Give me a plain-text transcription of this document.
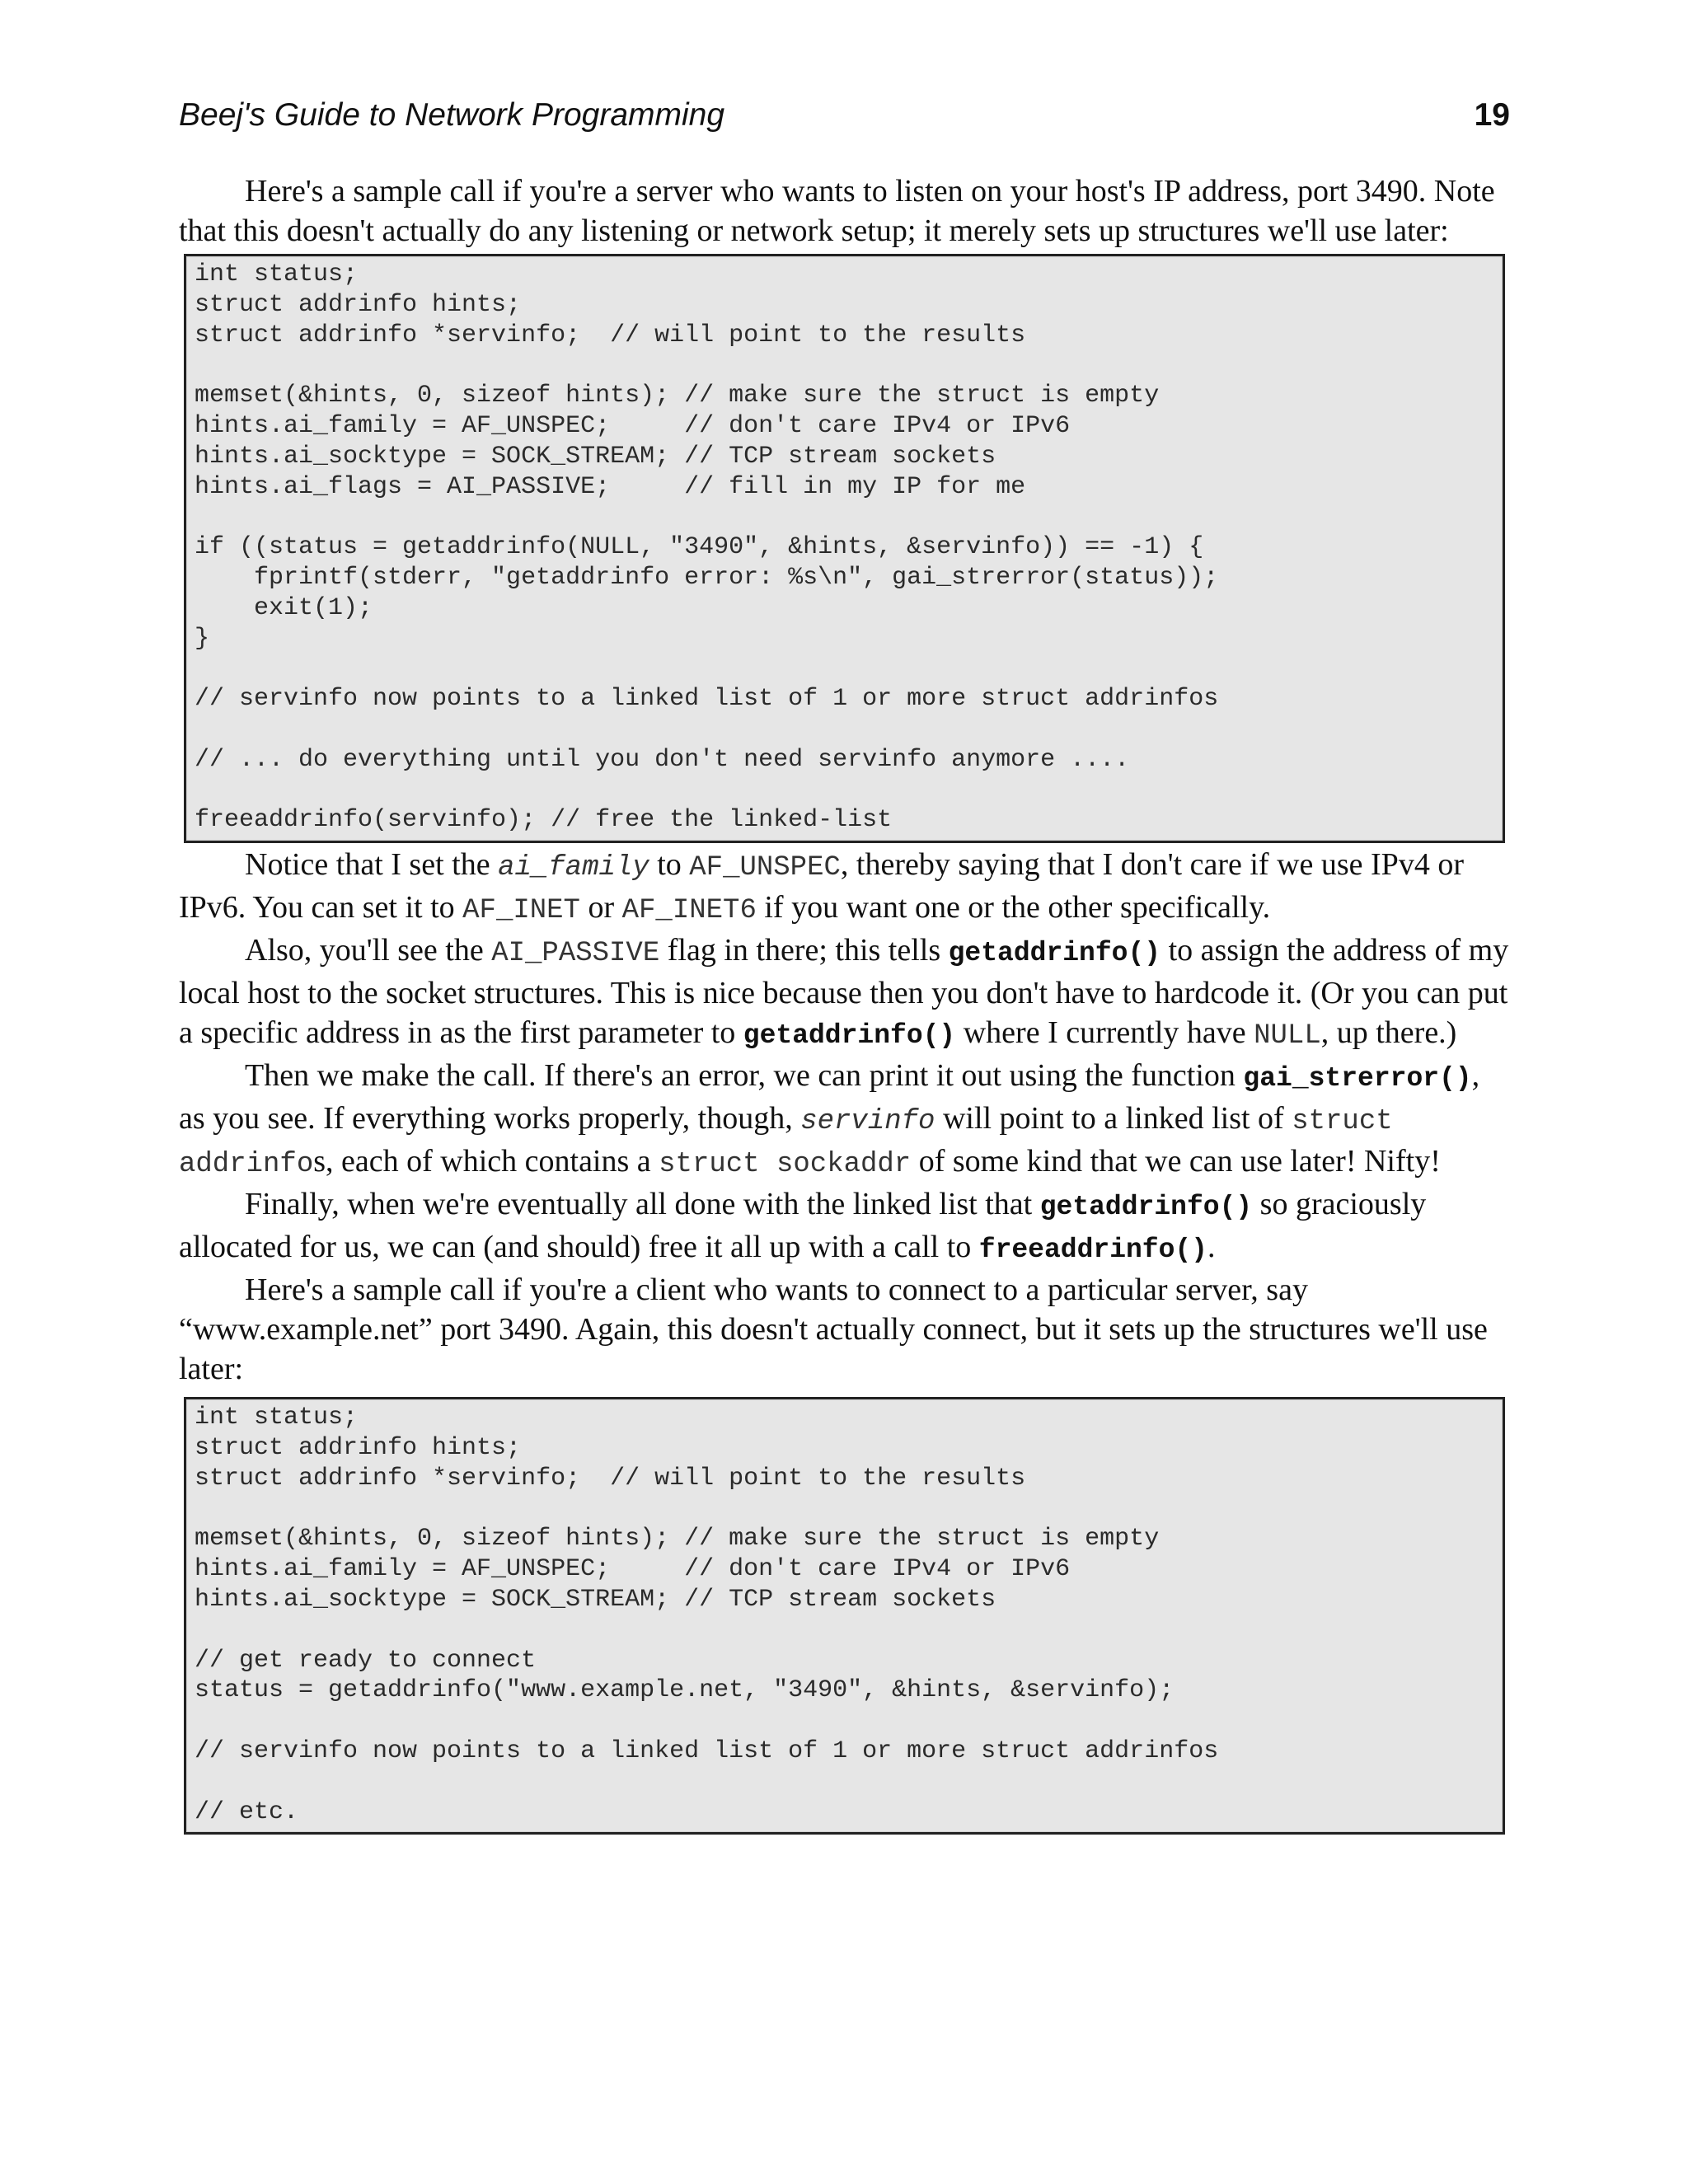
Beej's Guide to Network Programming	19

Here's a sample call if you're a server who wants to listen on your host's IP address, port 3490. Note that this doesn't actually do any listening or network setup; it merely sets up structures we'll use later:

int status;
struct addrinfo hints;
struct addrinfo *servinfo;  // will point to the results

memset(&hints, 0, sizeof hints); // make sure the struct is empty
hints.ai_family = AF_UNSPEC;     // don't care IPv4 or IPv6
hints.ai_socktype = SOCK_STREAM; // TCP stream sockets
hints.ai_flags = AI_PASSIVE;     // fill in my IP for me

if ((status = getaddrinfo(NULL, "3490", &hints, &servinfo)) == -1) {
fprintf(stderr, "getaddrinfo error: %s\n", gai_strerror(status));
exit(1);
}

// servinfo now points to a linked list of 1 or more struct addrinfos

// ... do everything until you don't need servinfo anymore ....

freeaddrinfo(servinfo); // free the linked-list

Notice that I set the ai_family to AF_UNSPEC, thereby saying that I don't care if we use IPv4 or IPv6. You can set it to AF_INET or AF_INET6 if you want one or the other specifically.

Also, you'll see the AI_PASSIVE flag in there; this tells getaddrinfo() to assign the address of my local host to the socket structures. This is nice because then you don't have to hardcode it. (Or you can put a specific address in as the first parameter to getaddrinfo() where I currently have NULL, up there.)

Then we make the call. If there's an error, we can print it out using the function gai_strerror(), as you see. If everything works properly, though, servinfo will point to a linked list of struct addrinfos, each of which contains a struct sockaddr of some kind that we can use later! Nifty!

Finally, when we're eventually all done with the linked list that getaddrinfo() so graciously allocated for us, we can (and should) free it all up with a call to freeaddrinfo().

Here's a sample call if you're a client who wants to connect to a particular server, say “www.example.net” port 3490. Again, this doesn't actually connect, but it sets up the structures we'll use later:

int status;
struct addrinfo hints;
struct addrinfo *servinfo;  // will point to the results

memset(&hints, 0, sizeof hints); // make sure the struct is empty
hints.ai_family = AF_UNSPEC;     // don't care IPv4 or IPv6
hints.ai_socktype = SOCK_STREAM; // TCP stream sockets

// get ready to connect
status = getaddrinfo("www.example.net, "3490", &hints, &servinfo);

// servinfo now points to a linked list of 1 or more struct addrinfos

// etc.
